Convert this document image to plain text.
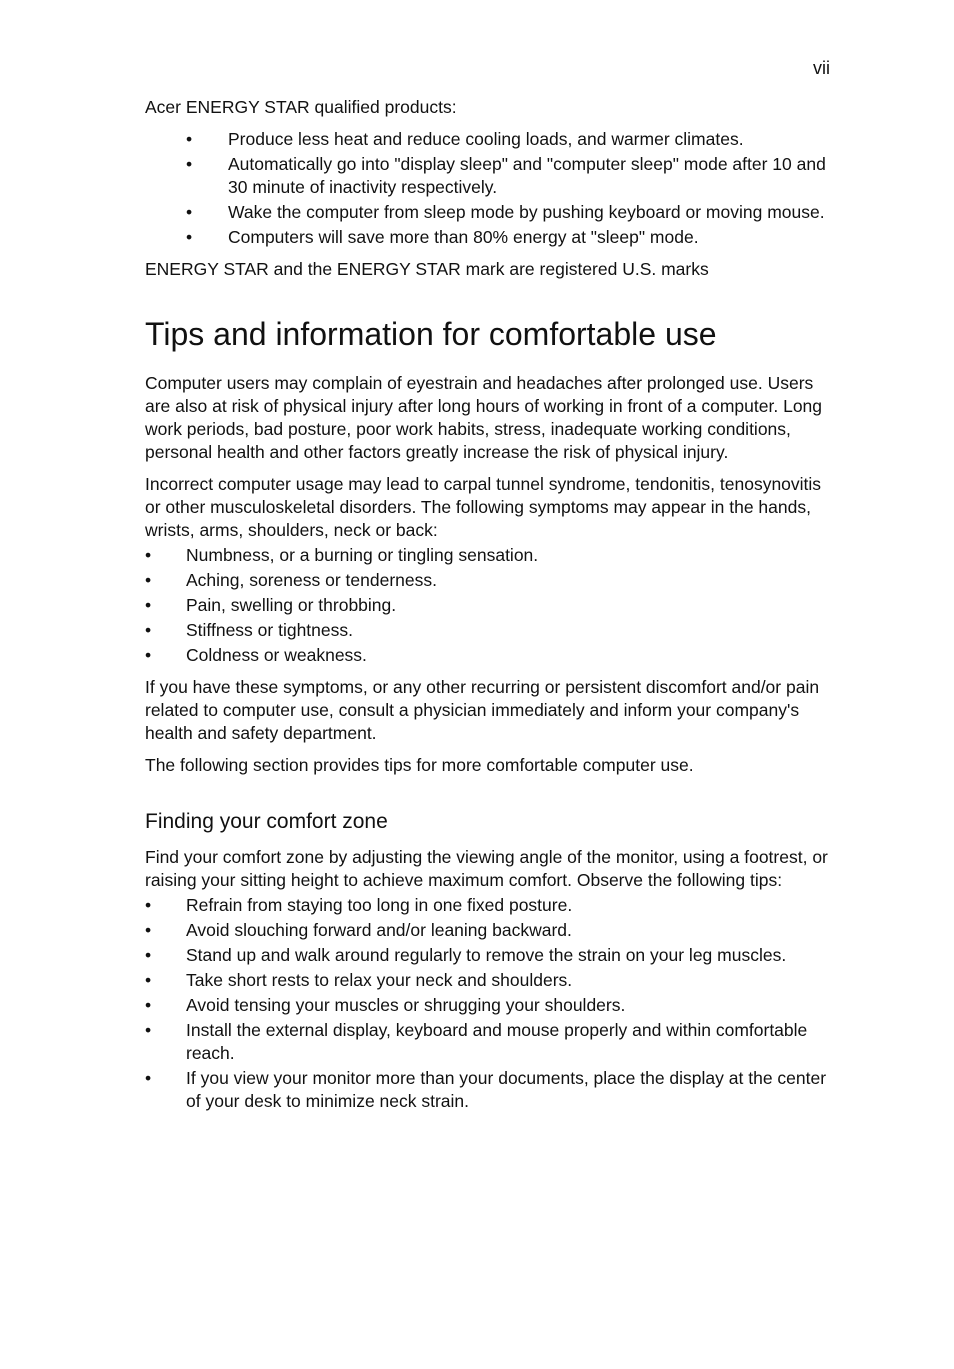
vii

Acer ENERGY STAR qualified products:

• Produce less heat and reduce cooling loads, and warmer climates.
• Automatically go into "display sleep" and "computer sleep" mode after 10 and 30 minute of inactivity respectively.
• Wake the computer from sleep mode by pushing keyboard or moving mouse.
• Computers will save more than 80% energy at "sleep" mode.

ENERGY STAR and the ENERGY STAR mark are registered U.S. marks

Tips and information for comfortable use

Computer users may complain of eyestrain and headaches after prolonged use. Users are also at risk of physical injury after long hours of working in front of a computer. Long work periods, bad posture, poor work habits, stress, inadequate working conditions, personal health and other factors greatly increase the risk of physical injury.

Incorrect computer usage may lead to carpal tunnel syndrome, tendonitis, tenosynovitis or other musculoskeletal disorders. The following symptoms may appear in the hands, wrists, arms, shoulders, neck or back:

• Numbness, or a burning or tingling sensation.
• Aching, soreness or tenderness.
• Pain, swelling or throbbing.
• Stiffness or tightness.
• Coldness or weakness.

If you have these symptoms, or any other recurring or persistent discomfort and/or pain related to computer use, consult a physician immediately and inform your company's health and safety department.

The following section provides tips for more comfortable computer use.

Finding your comfort zone

Find your comfort zone by adjusting the viewing angle of the monitor, using a footrest, or raising your sitting height to achieve maximum comfort. Observe the following tips:

• Refrain from staying too long in one fixed posture.
• Avoid slouching forward and/or leaning backward.
• Stand up and walk around regularly to remove the strain on your leg muscles.
• Take short rests to relax your neck and shoulders.
• Avoid tensing your muscles or shrugging your shoulders.
• Install the external display, keyboard and mouse properly and within comfortable reach.
• If you view your monitor more than your documents, place the display at the center of your desk to minimize neck strain.
